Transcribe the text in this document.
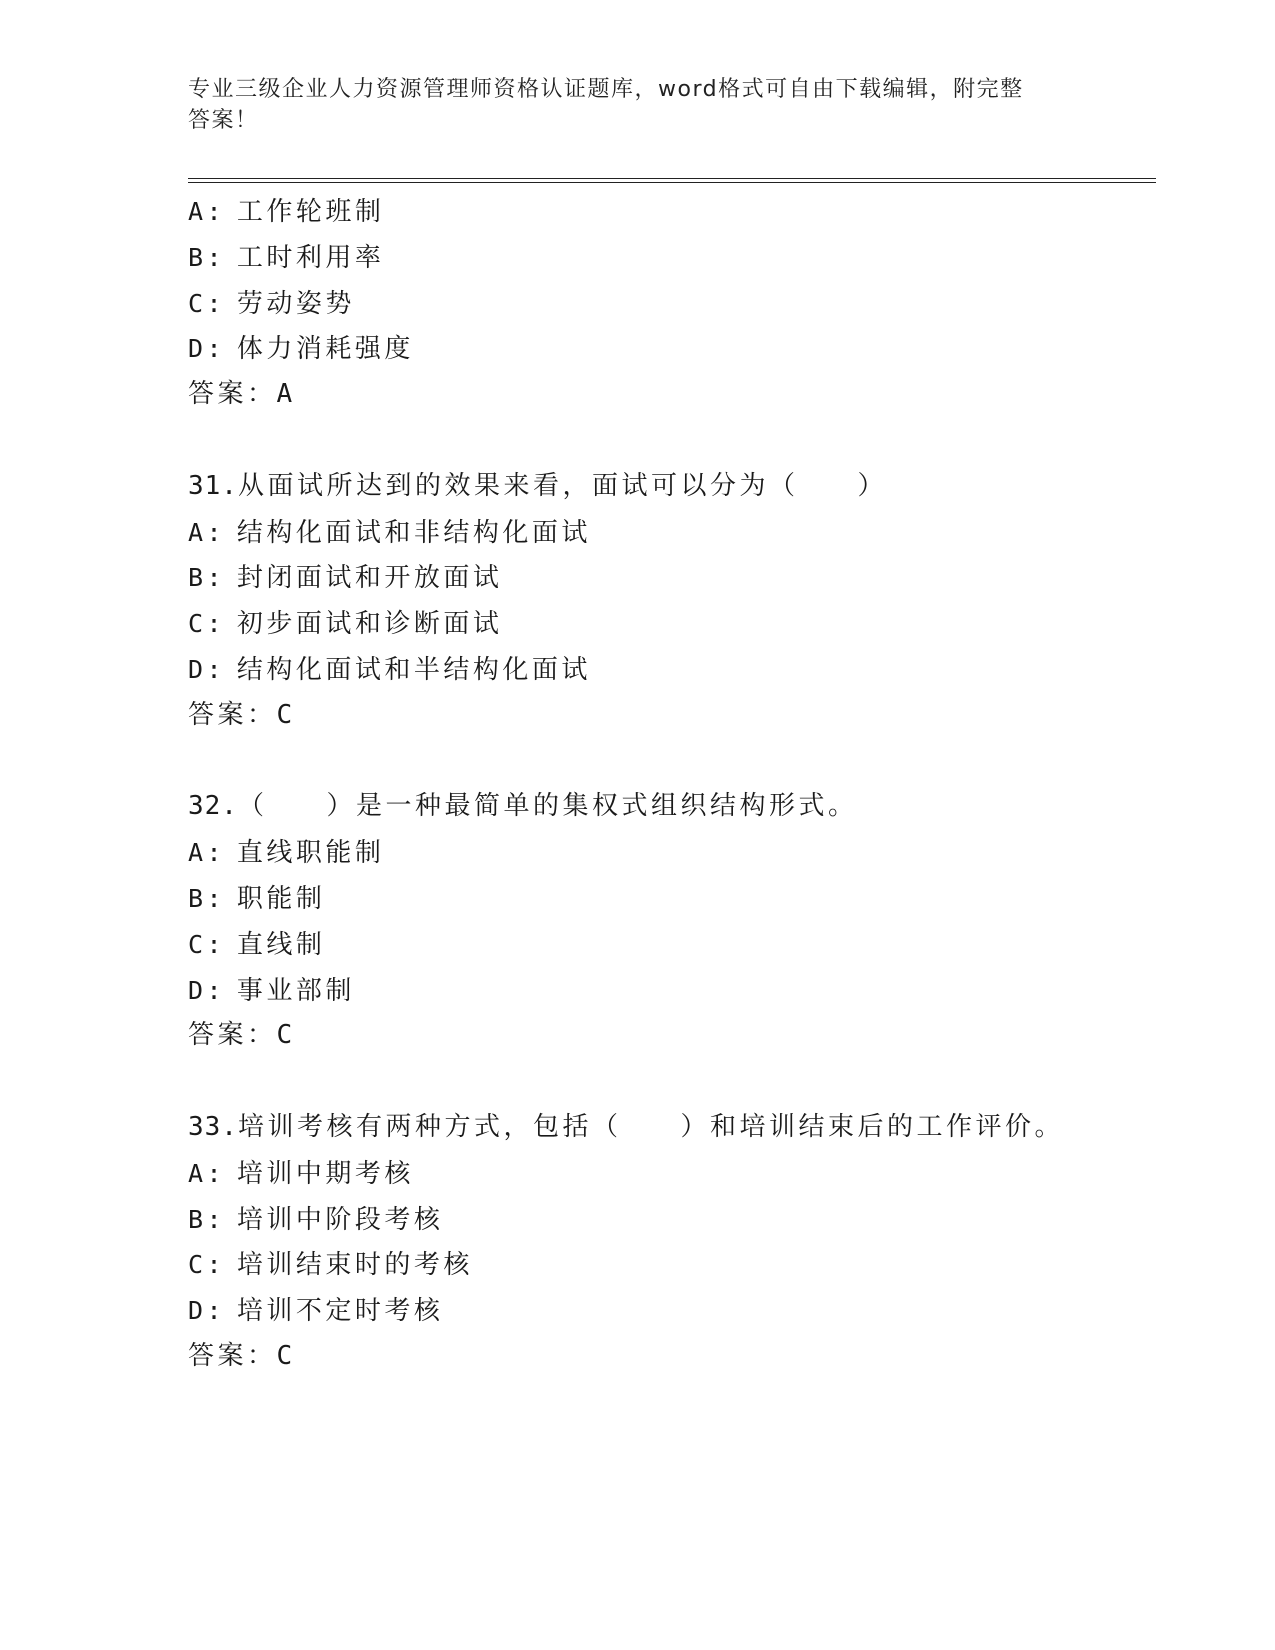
专业三级企业人力资源管理师资格认证题库，word格式可自由下载编辑，附完整
答案！
A: 工作轮班制
B: 工时利用率
C: 劳动姿势
D: 体力消耗强度
答案：A
31.从面试所达到的效果来看，面试可以分为（　　）
A: 结构化面试和非结构化面试
B: 封闭面试和开放面试
C: 初步面试和诊断面试
D: 结构化面试和半结构化面试
答案：C
32.（　　）是一种最简单的集权式组织结构形式。
A: 直线职能制
B: 职能制
C: 直线制
D: 事业部制
答案：C
33.培训考核有两种方式，包括（　　）和培训结束后的工作评价。
A: 培训中期考核
B: 培训中阶段考核
C: 培训结束时的考核
D: 培训不定时考核
答案：C
